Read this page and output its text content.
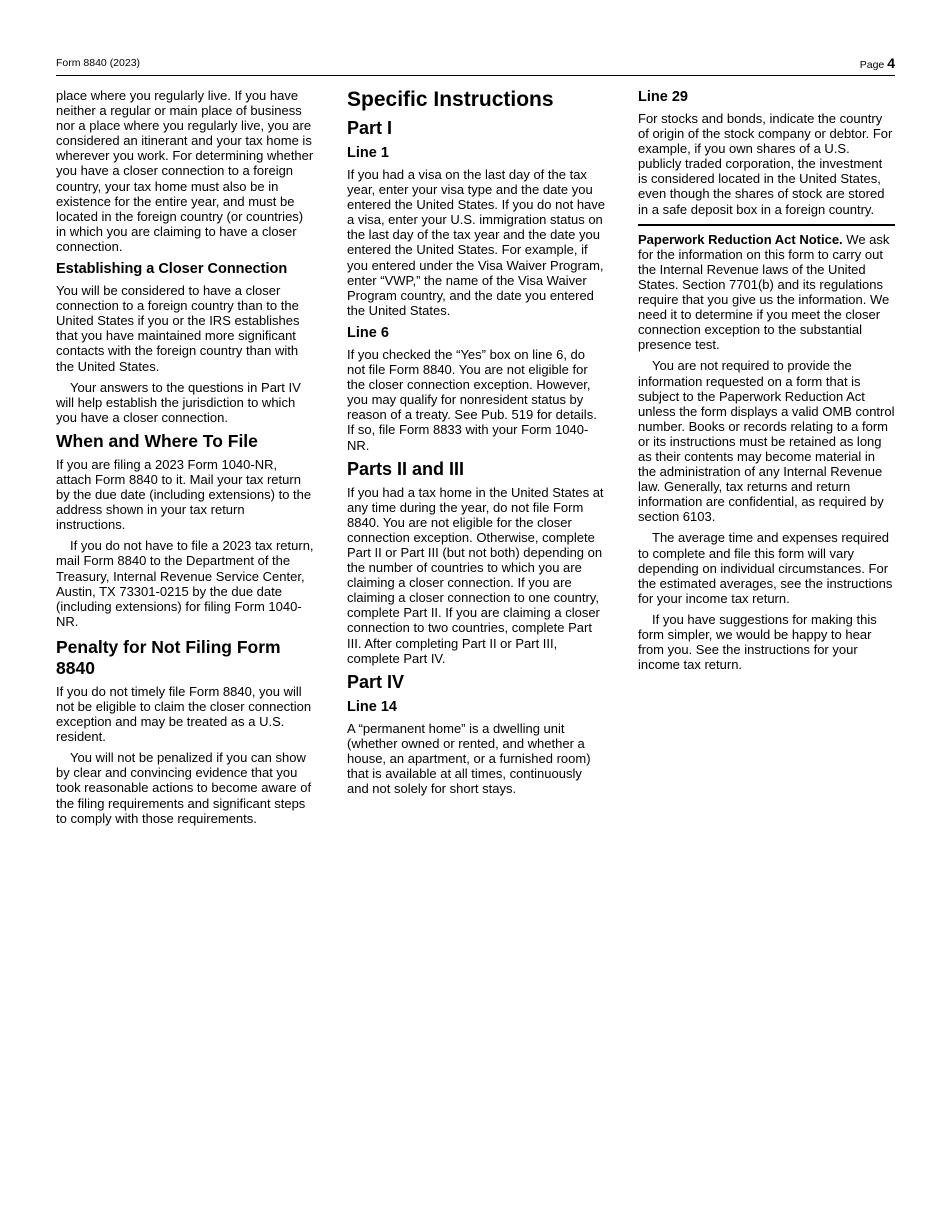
Form 8840 (2023)	Page 4

place where you regularly live. If you have neither a regular or main place of business nor a place where you regularly live, you are considered an itinerant and your tax home is wherever you work. For determining whether you have a closer connection to a foreign country, your tax home must also be in existence for the entire year, and must be located in the foreign country (or countries) in which you are claiming to have a closer connection.

Establishing a Closer Connection

You will be considered to have a closer connection to a foreign country than to the United States if you or the IRS establishes that you have maintained more significant contacts with the foreign country than with the United States.

Your answers to the questions in Part IV will help establish the jurisdiction to which you have a closer connection.

When and Where To File

If you are filing a 2023 Form 1040-NR, attach Form 8840 to it. Mail your tax return by the due date (including extensions) to the address shown in your tax return instructions.

If you do not have to file a 2023 tax return, mail Form 8840 to the Department of the Treasury, Internal Revenue Service Center, Austin, TX 73301-0215 by the due date (including extensions) for filing Form 1040-NR.

Penalty for Not Filing Form 8840

If you do not timely file Form 8840, you will not be eligible to claim the closer connection exception and may be treated as a U.S. resident.

You will not be penalized if you can show by clear and convincing evidence that you took reasonable actions to become aware of the filing requirements and significant steps to comply with those requirements.

Specific Instructions
Part I
Line 1

If you had a visa on the last day of the tax year, enter your visa type and the date you entered the United States. If you do not have a visa, enter your U.S. immigration status on the last day of the tax year and the date you entered the United States. For example, if you entered under the Visa Waiver Program, enter “VWP,” the name of the Visa Waiver Program country, and the date you entered the United States.

Line 6

If you checked the “Yes” box on line 6, do not file Form 8840. You are not eligible for the closer connection exception. However, you may qualify for nonresident status by reason of a treaty. See Pub. 519 for details. If so, file Form 8833 with your Form 1040-NR.

Parts II and III

If you had a tax home in the United States at any time during the year, do not file Form 8840. You are not eligible for the closer connection exception. Otherwise, complete Part II or Part III (but not both) depending on the number of countries to which you are claiming a closer connection. If you are claiming a closer connection to one country, complete Part II. If you are claiming a closer connection to two countries, complete Part III. After completing Part II or Part III, complete Part IV.

Part IV
Line 14

A “permanent home” is a dwelling unit (whether owned or rented, and whether a house, an apartment, or a furnished room) that is available at all times, continuously and not solely for short stays.

Line 29

For stocks and bonds, indicate the country of origin of the stock company or debtor. For example, if you own shares of a U.S. publicly traded corporation, the investment is considered located in the United States, even though the shares of stock are stored in a safe deposit box in a foreign country.

Paperwork Reduction Act Notice. We ask for the information on this form to carry out the Internal Revenue laws of the United States. Section 7701(b) and its regulations require that you give us the information. We need it to determine if you meet the closer connection exception to the substantial presence test.

You are not required to provide the information requested on a form that is subject to the Paperwork Reduction Act unless the form displays a valid OMB control number. Books or records relating to a form or its instructions must be retained as long as their contents may become material in the administration of any Internal Revenue law. Generally, tax returns and return information are confidential, as required by section 6103.

The average time and expenses required to complete and file this form will vary depending on individual circumstances. For the estimated averages, see the instructions for your income tax return.

If you have suggestions for making this form simpler, we would be happy to hear from you. See the instructions for your income tax return.
